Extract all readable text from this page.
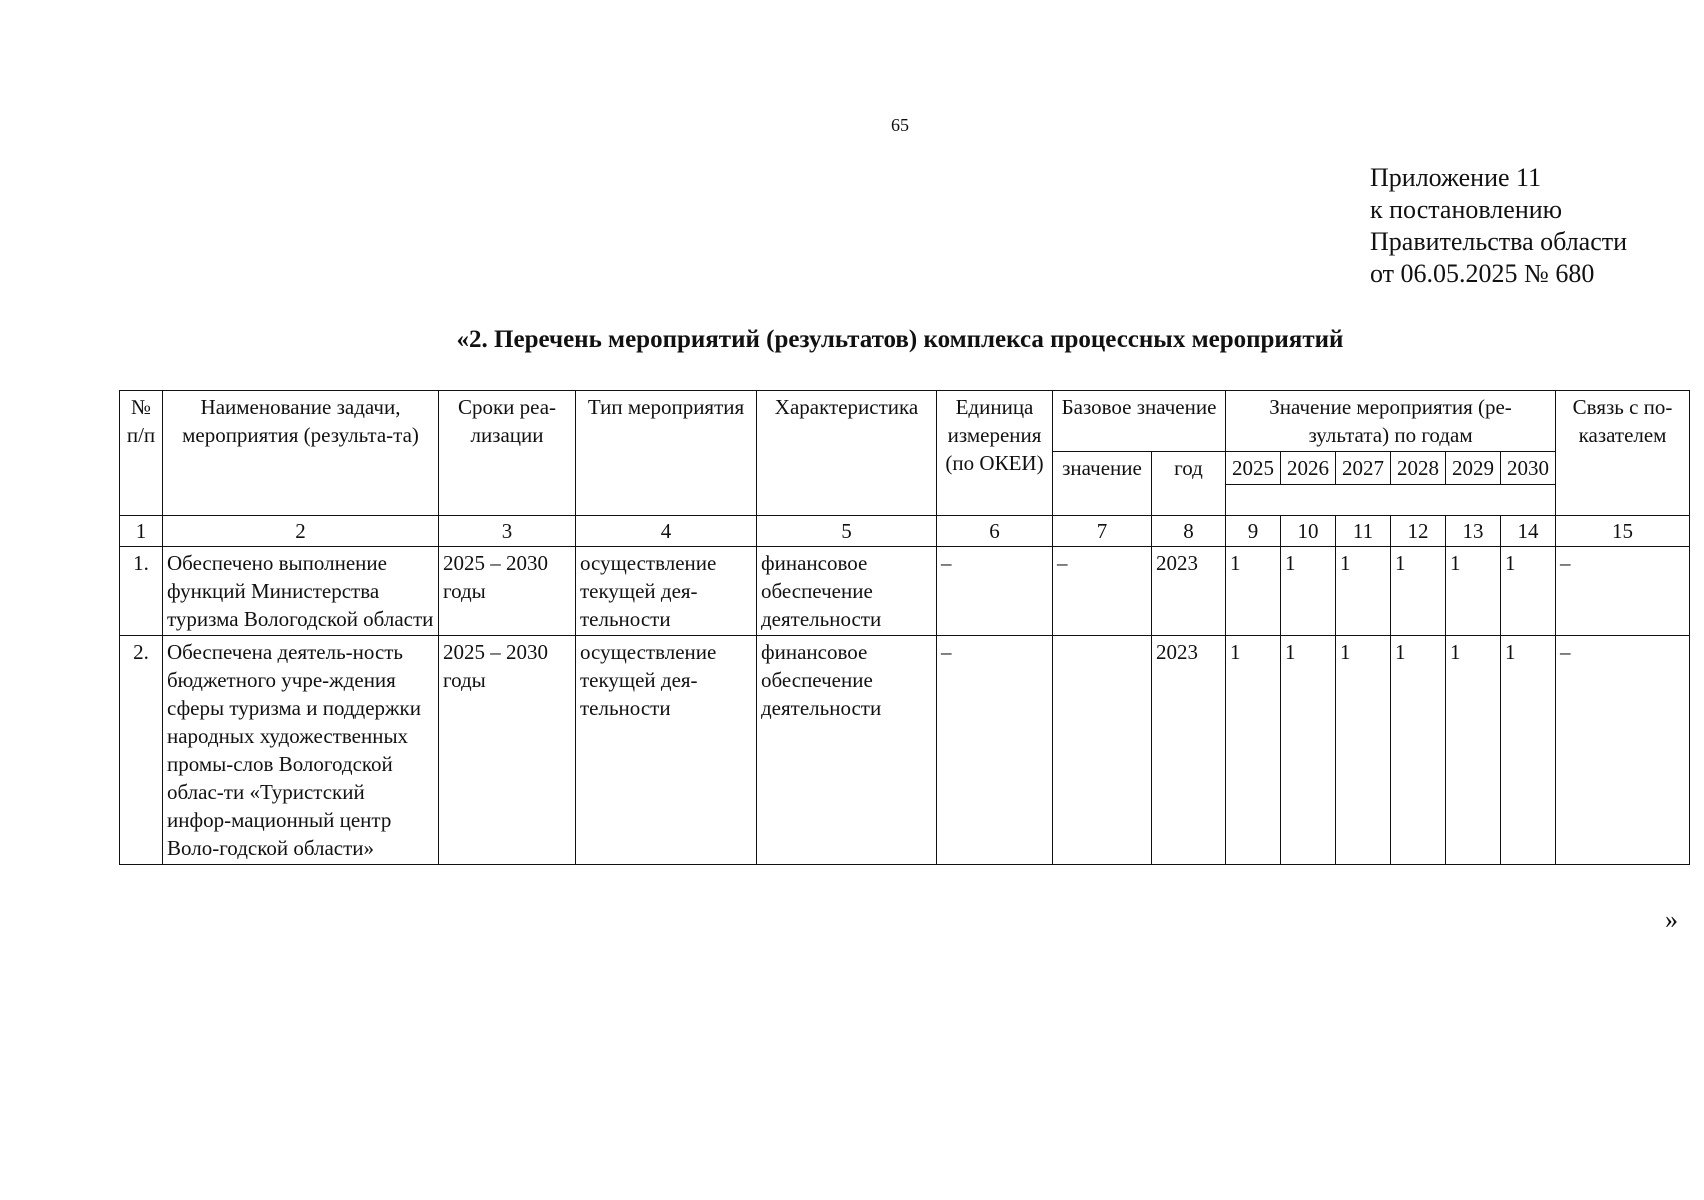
65
Приложение 11
к постановлению
Правительства области
от 06.05.2025 № 680
«2. Перечень мероприятий (результатов) комплекса процессных мероприятий
№ п/п	Наименование задачи, мероприятия (результа-та)	Сроки реа-лизации	Тип мероприятия	Характеристика	Единица измерения (по ОКЕИ)	Базовое значение		Значение мероприятия (ре-зультата) по годам						Связь с по-казателем
						значение	год	2025	2026	2027	2028	2029	2030	

1	2	3	4	5	6	7	8	9	10	11	12	13	14	15
1.	Обеспечено выполнение функций Министерства туризма Вологодской области	2025 – 2030 годы	осуществление текущей дея-тельности	финансовое обеспечение деятельности	–	–	2023	1	1	1	1	1	1	–
2.	Обеспечена деятель-ность бюджетного учре-ждения сферы туризма и поддержки народных художественных промы-слов Вологодской облас-ти «Туристский инфор-мационный центр Воло-годской области»	2025 – 2030 годы	осуществление текущей дея-тельности	финансовое обеспечение деятельности	–		2023	1	1	1	1	1	1	–
»
